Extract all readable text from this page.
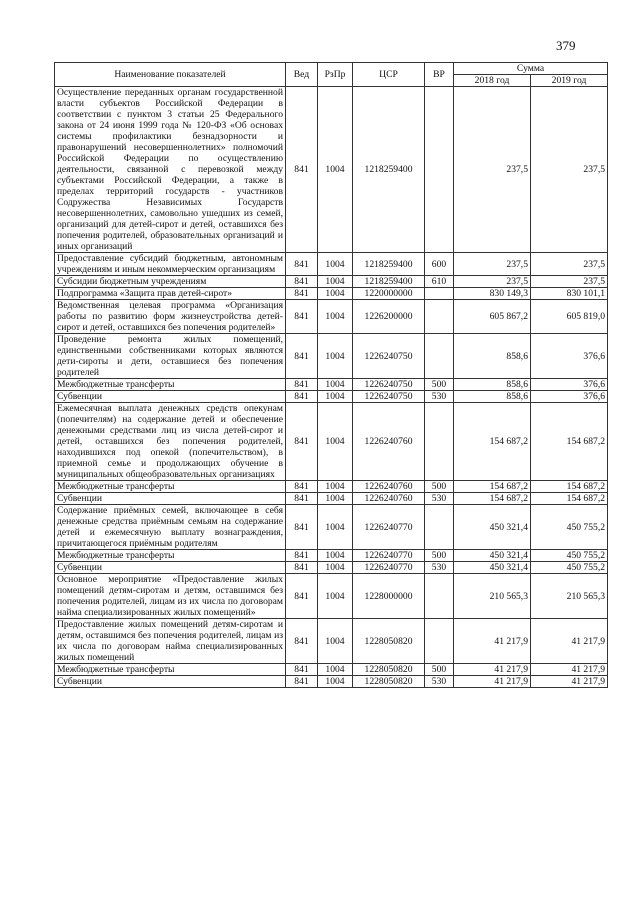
379
Наименование показателей	Вед	РзПр	ЦСР	ВР	Сумма	
					2018 год	2019 год
Осуществление переданных органам государственной власти субъектов Российской Федерации в соответствии с пунктом 3 статьи 25 Федерального закона от 24 июня 1999 года № 120-ФЗ «Об основах системы профилактики безнадзорности и правонарушений несовершеннолетних» полномочий Российской Федерации по осуществлению деятельности, связанной с перевозкой между субъектами Российской Федерации, а также в пределах территорий государств - участников Содружества Независимых Государств несовершеннолетних, самовольно ушедших из семей, организаций для детей-сирот и детей, оставшихся без попечения родителей, образовательных организаций и иных организаций	841	1004	1218259400		237,5	237,5
Предоставление субсидий бюджетным, автономным учреждениям и иным некоммерческим организациям	841	1004	1218259400	600	237,5	237,5
Субсидии бюджетным учреждениям	841	1004	1218259400	610	237,5	237,5
Подпрограмма «Защита прав детей-сирот»	841	1004	1220000000		830 149,3	830 101,1
Ведомственная целевая программа «Организация работы по развитию форм жизнеустройства детей-сирот и детей, оставшихся без попечения родителей»	841	1004	1226200000		605 867,2	605 819,0
Проведение ремонта жилых помещений, единственными собственниками которых являются дети-сироты и дети, оставшиеся без попечения родителей	841	1004	1226240750		858,6	376,6
Межбюджетные трансферты	841	1004	1226240750	500	858,6	376,6
Субвенции	841	1004	1226240750	530	858,6	376,6
Ежемесячная выплата денежных средств опекунам (попечителям) на содержание детей и обеспечение денежными средствами лиц из числа детей-сирот и детей, оставшихся без попечения родителей, находившихся под опекой (попечительством), в приемной семье и продолжающих обучение в муниципальных общеобразовательных организациях	841	1004	1226240760		154 687,2	154 687,2
Межбюджетные трансферты	841	1004	1226240760	500	154 687,2	154 687,2
Субвенции	841	1004	1226240760	530	154 687,2	154 687,2
Содержание приёмных семей, включающее в себя денежные средства приёмным семьям на содержание детей и ежемесячную выплату вознаграждения, причитающегося приёмным родителям	841	1004	1226240770		450 321,4	450 755,2
Межбюджетные трансферты	841	1004	1226240770	500	450 321,4	450 755,2
Субвенции	841	1004	1226240770	530	450 321,4	450 755,2
Основное мероприятие «Предоставление жилых помещений детям-сиротам и детям, оставшимся без попечения родителей, лицам из их числа по договорам найма специализированных жилых помещений»	841	1004	1228000000		210 565,3	210 565,3
Предоставление жилых помещений детям-сиротам и детям, оставшимся без попечения родителей, лицам из их числа по договорам найма специализированных жилых помещений	841	1004	1228050820		41 217,9	41 217,9
Межбюджетные трансферты	841	1004	1228050820	500	41 217,9	41 217,9
Субвенции	841	1004	1228050820	530	41 217,9	41 217,9
